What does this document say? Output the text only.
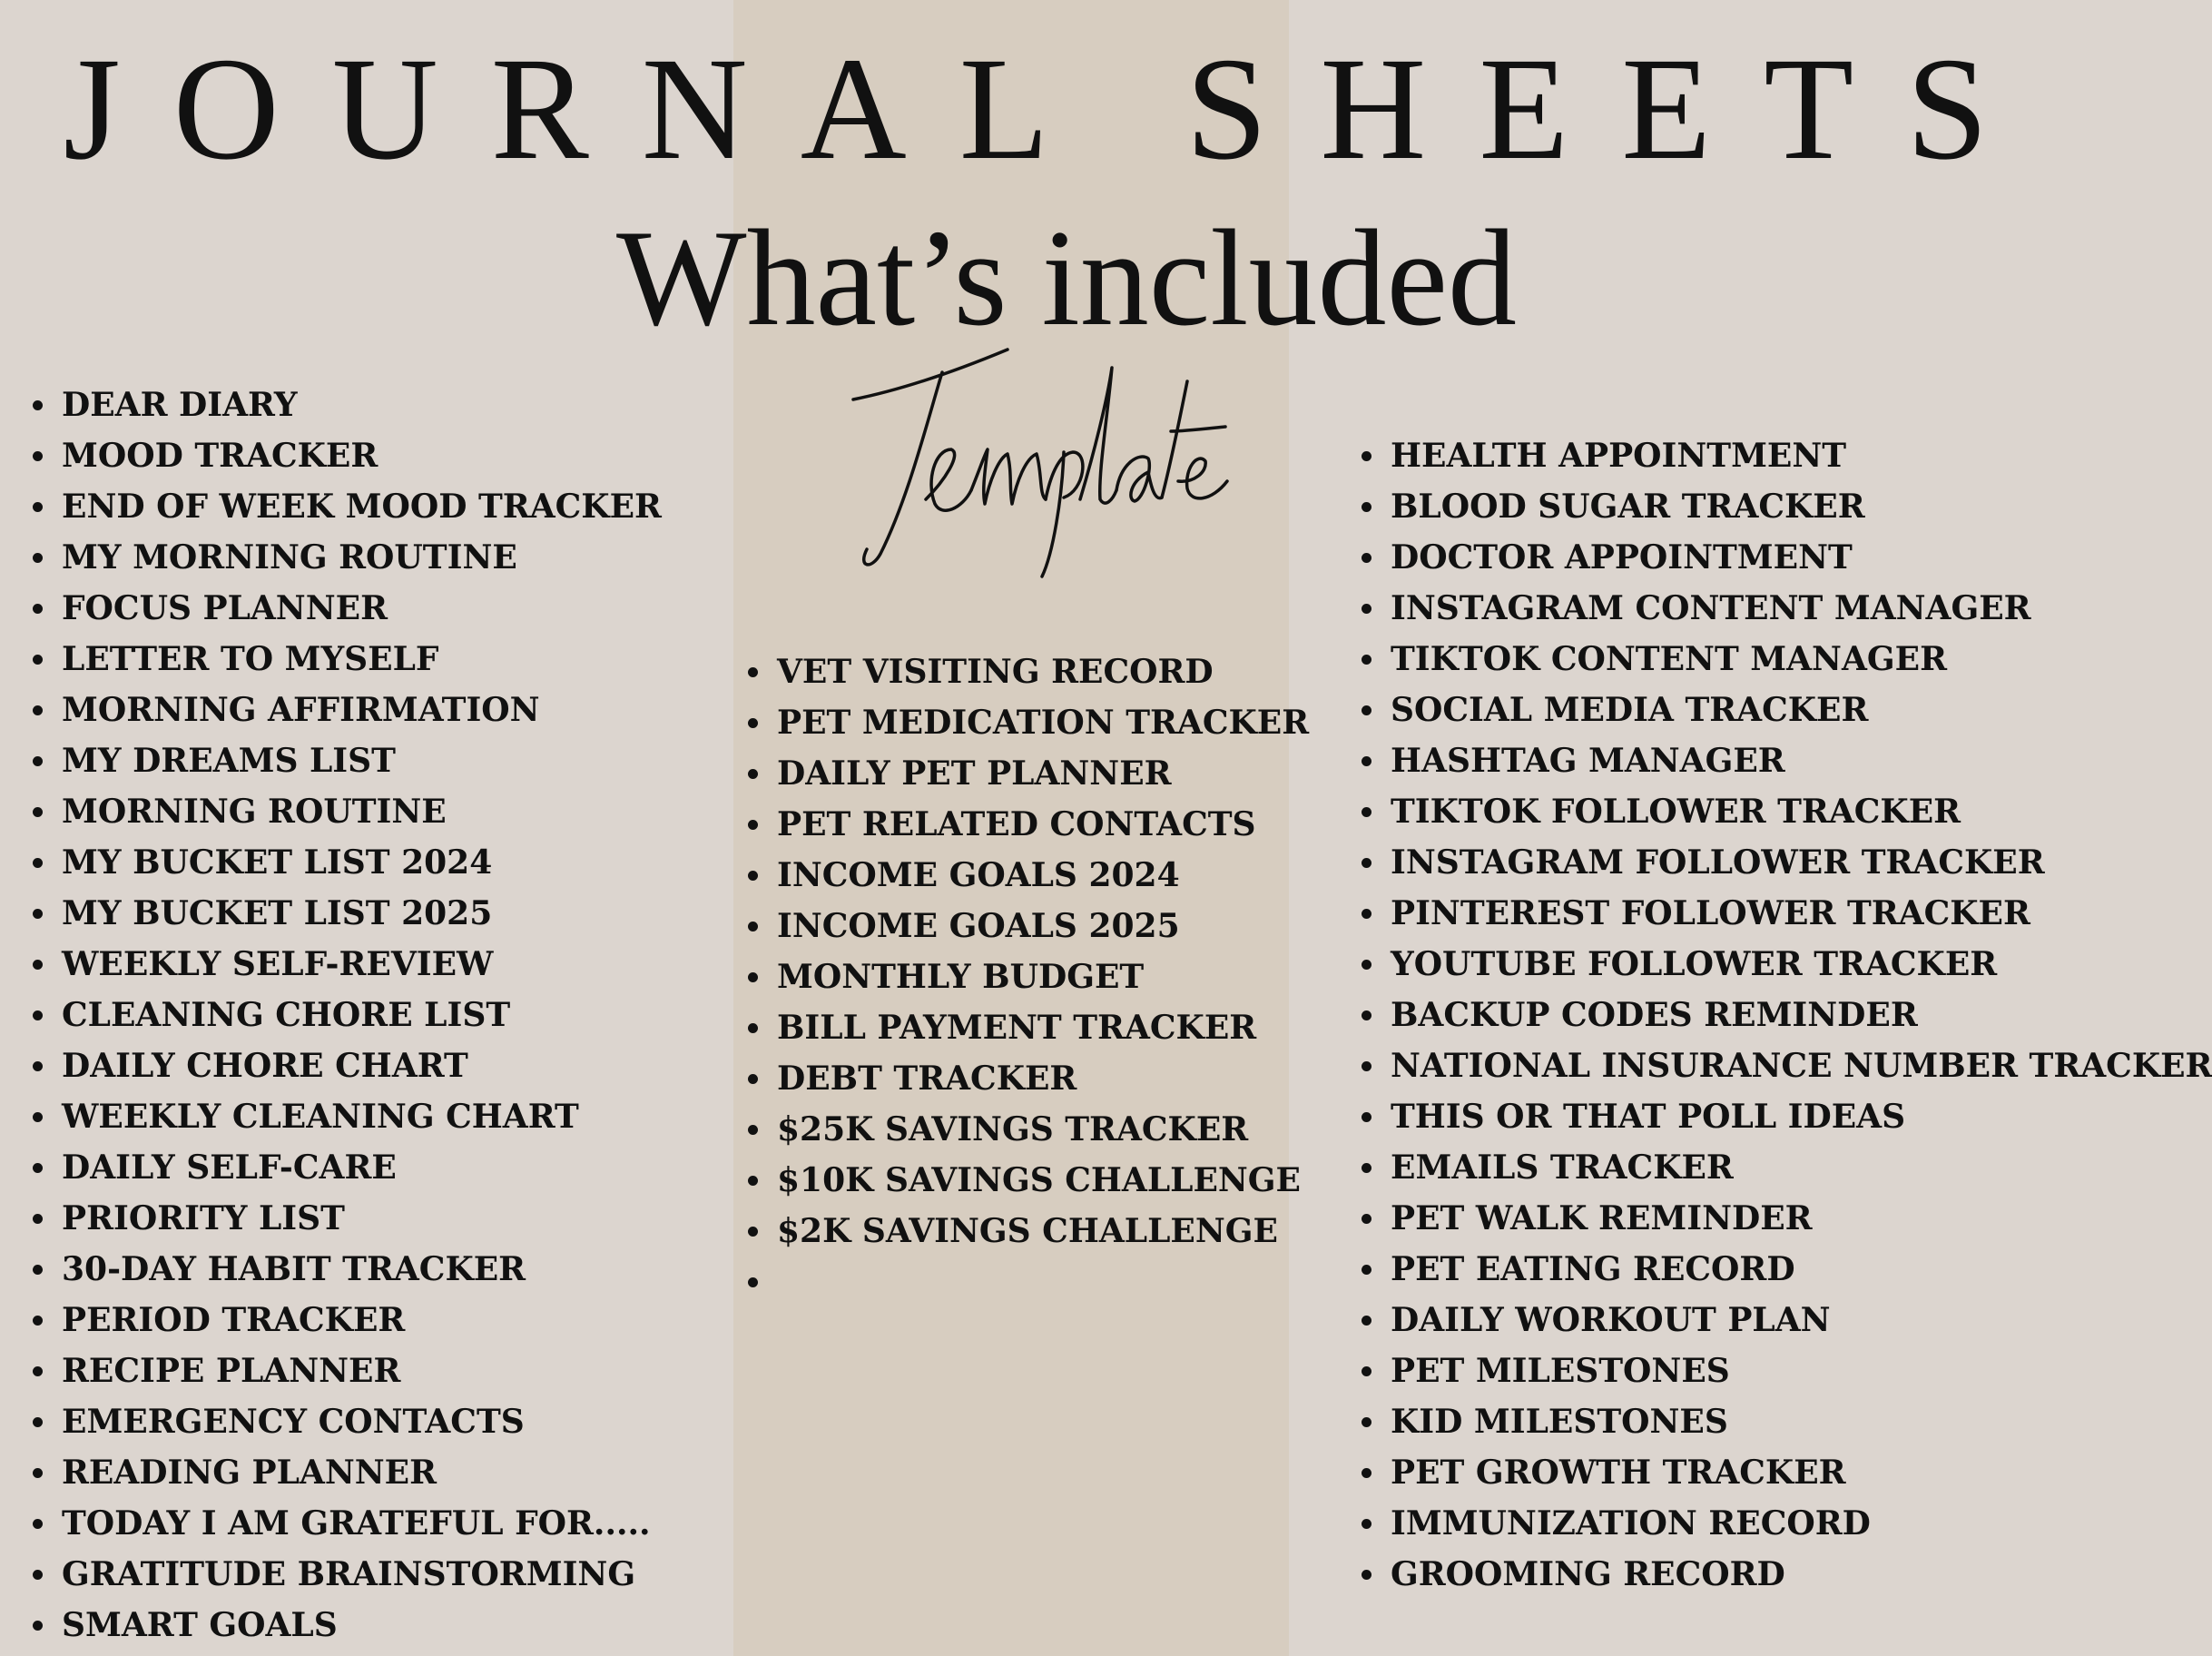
JOURNAL SHEETS
What’s included
DEAR DIARY
MOOD TRACKER
END OF WEEK MOOD TRACKER
MY MORNING ROUTINE
FOCUS PLANNER
LETTER TO MYSELF
MORNING AFFIRMATION
MY DREAMS LIST
MORNING ROUTINE
MY BUCKET LIST 2024
MY BUCKET LIST 2025
WEEKLY SELF-REVIEW
CLEANING CHORE LIST
DAILY CHORE CHART
WEEKLY CLEANING CHART
DAILY SELF-CARE
PRIORITY LIST
30-DAY HABIT TRACKER
PERIOD TRACKER
RECIPE PLANNER
EMERGENCY CONTACTS
READING PLANNER
TODAY I AM GRATEFUL FOR.....
GRATITUDE BRAINSTORMING
SMART GOALS
VET VISITING RECORD
PET MEDICATION TRACKER
DAILY PET PLANNER
PET RELATED CONTACTS
INCOME GOALS 2024
INCOME GOALS 2025
MONTHLY BUDGET
BILL PAYMENT TRACKER
DEBT TRACKER
$25K SAVINGS TRACKER
$10K SAVINGS CHALLENGE
$2K SAVINGS CHALLENGE
HEALTH APPOINTMENT
BLOOD SUGAR TRACKER
DOCTOR APPOINTMENT
INSTAGRAM CONTENT MANAGER
TIKTOK CONTENT MANAGER
SOCIAL MEDIA TRACKER
HASHTAG MANAGER
TIKTOK FOLLOWER TRACKER
INSTAGRAM FOLLOWER TRACKER
PINTEREST FOLLOWER TRACKER
YOUTUBE FOLLOWER TRACKER
BACKUP CODES REMINDER
NATIONAL INSURANCE NUMBER TRACKER
THIS OR THAT POLL IDEAS
EMAILS TRACKER
PET WALK REMINDER
PET EATING RECORD
DAILY WORKOUT PLAN
PET MILESTONES
KID MILESTONES
PET GROWTH TRACKER
IMMUNIZATION RECORD
GROOMING RECORD
